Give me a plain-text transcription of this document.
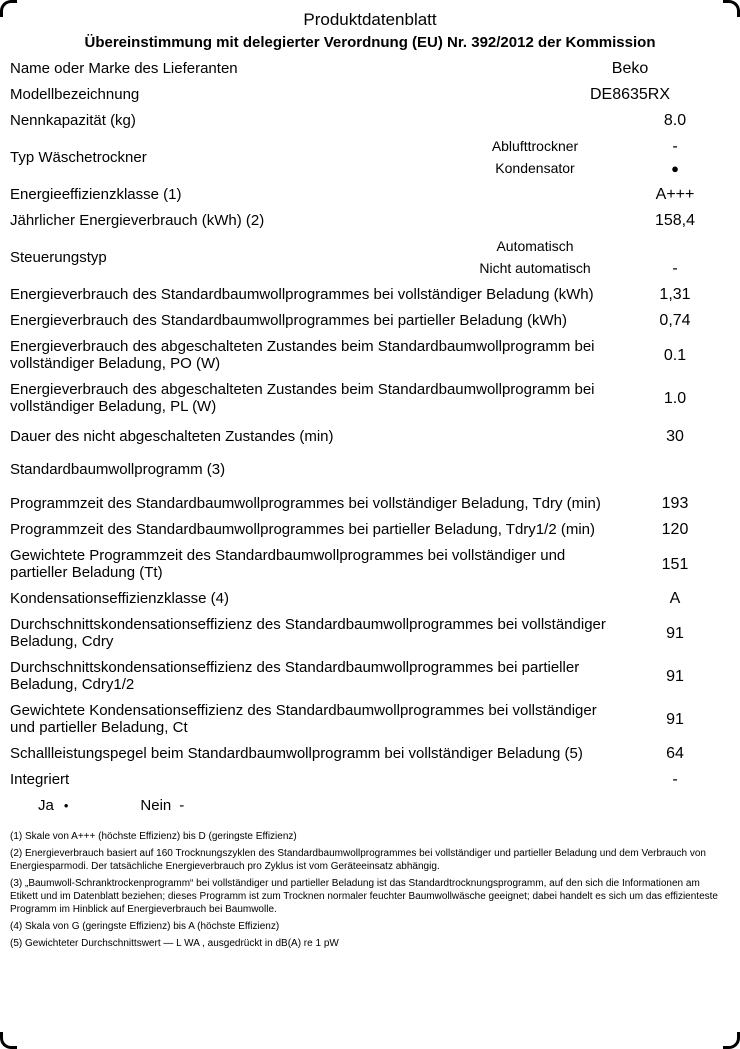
Produktdatenblatt
Übereinstimmung mit delegierter Verordnung (EU) Nr. 392/2012 der Kommission
Name oder Marke des Lieferanten	Beko
Modellbezeichnung	DE8635RX
Nennkapazität (kg)	8.0
Typ Wäschetrockner
Ablufttrockner	-
Kondensator	●
Energieeffizienzklasse (1)	A+++
Jährlicher Energieverbrauch (kWh) (2)	158,4
Steuerungstyp
Automatisch
Nicht automatisch	-
Energieverbrauch des Standardbaumwollprogrammes bei vollständiger Beladung (kWh)	1,31
Energieverbrauch des Standardbaumwollprogrammes bei partieller Beladung (kWh)	0,74
Energieverbrauch des abgeschalteten Zustandes beim Standardbaumwollprogramm bei vollständiger Beladung, PO (W)	0.1
Energieverbrauch des abgeschalteten Zustandes beim Standardbaumwollprogramm bei vollständiger Beladung, PL (W)	1.0
Dauer des nicht abgeschalteten Zustandes (min)	30
Standardbaumwollprogramm (3)
Programmzeit des Standardbaumwollprogrammes bei vollständiger Beladung, Tdry (min)	193
Programmzeit des Standardbaumwollprogrammes bei partieller Beladung, Tdry1/2 (min)	120
Gewichtete Programmzeit des Standardbaumwollprogrammes bei vollständiger und partieller Beladung (Tt)	151
Kondensationseffizienzklasse (4)	A
Durchschnittskondensationseffizienz des Standardbaumwollprogrammes bei vollständiger Beladung, Cdry	91
Durchschnittskondensationseffizienz des Standardbaumwollprogrammes bei partieller Beladung, Cdry1/2	91
Gewichtete Kondensationseffizienz des Standardbaumwollprogrammes bei vollständiger und partieller Beladung, Ct	91
Schallleistungspegel beim Standardbaumwollprogramm bei vollständiger Beladung (5)	64
Integriert	-
Ja •	Nein -
(1) Skale von A+++ (höchste Effizienz) bis D (geringste Effizienz)
(2) Energieverbrauch basiert auf 160 Trocknungszyklen des Standardbaumwollprogrammes bei vollständiger und partieller Beladung und dem Verbrauch von Energiesparmodi. Der tatsächliche Energieverbrauch pro Zyklus ist vom Geräteeinsatz abhängig.
(3) „Baumwoll-Schranktrockenprogramm“ bei vollständiger und partieller Beladung ist das Standardtrocknungsprogramm, auf den sich die Informationen am Etikett und im Datenblatt beziehen; dieses Programm ist zum Trocknen normaler feuchter Baumwollwäsche geeignet; dabei handelt es sich um das effizienteste Programm im Hinblick auf Energieverbrauch bei Baumwolle.
(4) Skala von G (geringste Effizienz) bis A (höchste Effizienz)
(5) Gewichteter Durchschnittswert — L WA , ausgedrückt in dB(A) re 1 pW
